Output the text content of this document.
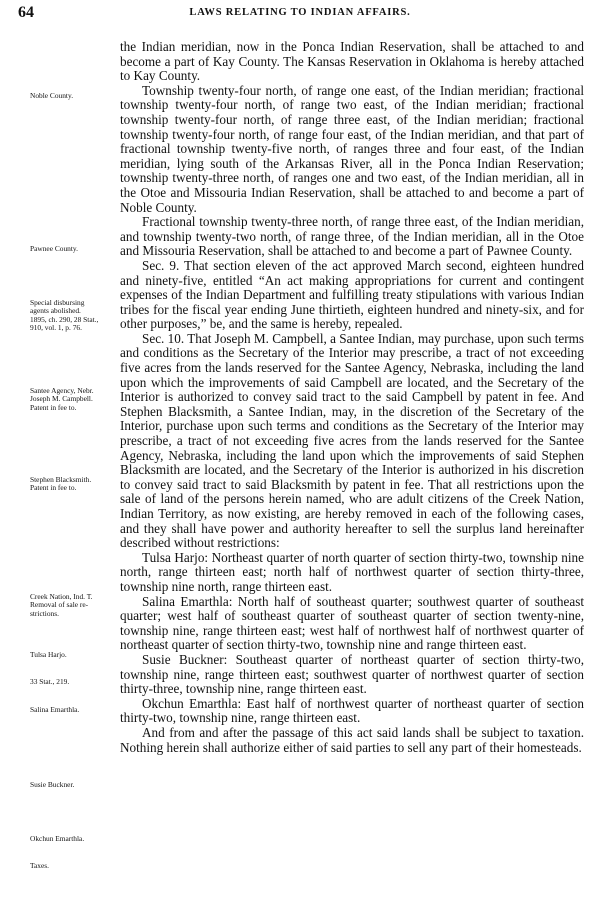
64	LAWS RELATING TO INDIAN AFFAIRS.

the Indian meridian, now in the Ponca Indian Reservation, shall be attached to and become a part of Kay County. The Kansas Reservation in Oklahoma is hereby attached to Kay County.

Township twenty-four north, of range one east, of the Indian meridian; fractional township twenty-four north, of range two east, of the Indian meridian; fractional township twenty-four north, of range three east, of the Indian meridian; fractional township twenty-four north, of range four east, of the Indian meridian, and that part of fractional township twenty-five north, of ranges three and four east, of the Indian meridian, lying south of the Arkansas River, all in the Ponca Indian Reservation; township twenty-three north, of ranges one and two east, of the Indian meridian, all in the Otoe and Missouria Indian Reservation, shall be attached to and become a part of Noble County.

Fractional township twenty-three north, of range three east, of the Indian meridian, and township twenty-two north, of range three, of the Indian meridian, all in the Otoe and Missouria Reservation, shall be attached to and become a part of Pawnee County.

Sec. 9. That section eleven of the act approved March second, eighteen hundred and ninety-five, entitled “An act making appropriations for current and contingent expenses of the Indian Department and fulfilling treaty stipulations with various Indian tribes for the fiscal year ending June thirtieth, eighteen hundred and ninety-six, and for other purposes,” be, and the same is hereby, repealed.

Sec. 10. That Joseph M. Campbell, a Santee Indian, may purchase, upon such terms and conditions as the Secretary of the Interior may prescribe, a tract of not exceeding five acres from the lands reserved for the Santee Agency, Nebraska, including the land upon which the improvements of said Campbell are located, and the Secretary of the Interior is authorized to convey said tract to the said Campbell by patent in fee. And Stephen Blacksmith, a Santee Indian, may, in the discretion of the Secretary of the Interior, purchase upon such terms and conditions as the Secretary of the Interior may prescribe, a tract of not exceeding five acres from the lands reserved for the Santee Agency, Nebraska, including the land upon which the improvements of said Stephen Blacksmith are located, and the Secretary of the Interior is authorized in his discretion to convey said tract to said Blacksmith by patent in fee. That all restrictions upon the sale of land of the persons herein named, who are adult citizens of the Creek Nation, Indian Territory, as now existing, are hereby removed in each of the following cases, and they shall have power and authority hereafter to sell the surplus land hereinafter described without restrictions:

Tulsa Harjo: Northeast quarter of north quarter of section thirty-two, township nine north, range thirteen east; north half of northwest quarter of section thirty-three, township nine north, range thirteen east.

Salina Emarthla: North half of southeast quarter; southwest quarter of southeast quarter; west half of southeast quarter of southeast quarter of section twenty-nine, township nine, range thirteen east; west half of northwest half of northwest quarter of northeast quarter of section thirty-two, township nine and range thirteen east.

Susie Buckner: Southeast quarter of northeast quarter of section thirty-two, township nine, range thirteen east; southwest quarter of northwest quarter of section thirty-three, township nine, range thirteen east.

Okchun Emarthla: East half of northwest quarter of northeast quarter of section thirty-two, township nine, range thirteen east.

And from and after the passage of this act said lands shall be subject to taxation. Nothing herein shall authorize either of said parties to sell any part of their homesteads.

Noble County.
Pawnee County.
Special disbursing
agents abolished.
1895, ch. 290, 28 Stat.,
910, vol. 1, p. 76.
Santee Agency, Nebr.
Joseph M. Campbell.
Patent in fee to.
Stephen Blacksmith.
Patent in fee to.
Creek Nation, Ind. T.
Removal of sale re-
strictions.
Tulsa Harjo.
33 Stat., 219.
Salina Emarthla.
Susie Buckner.
Okchun Emarthla.
Taxes.
